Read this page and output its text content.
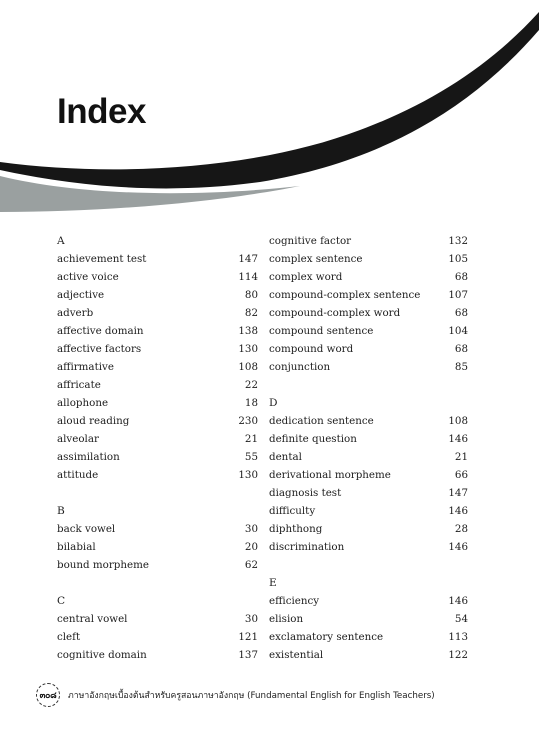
Index
A
achievement test	147
active voice	114
adjective	80
adverb	82
affective domain	138
affective factors	130
affirmative	108
affricate	22
allophone	18
aloud reading	230
alveolar	21
assimilation	55
attitude	130
B
back vowel	30
bilabial	20
bound morpheme	62
C
central vowel	30
cleft	121
cognitive domain	137
cognitive factor	132
complex sentence	105
complex word	68
compound-complex sentence	107
compound-complex word	68
compound sentence	104
compound word	68
conjunction	85
D
dedication sentence	108
definite question	146
dental	21
derivational morpheme	66
diagnosis test	147
difficulty	146
diphthong	28
discrimination	146
E
efficiency	146
elision	54
exclamatory sentence	113
existential	122
๓๐๘	ภาษาอังกฤษเบื้องต้นสำหรับครูสอนภาษาอังกฤษ (Fundamental English for English Teachers)
